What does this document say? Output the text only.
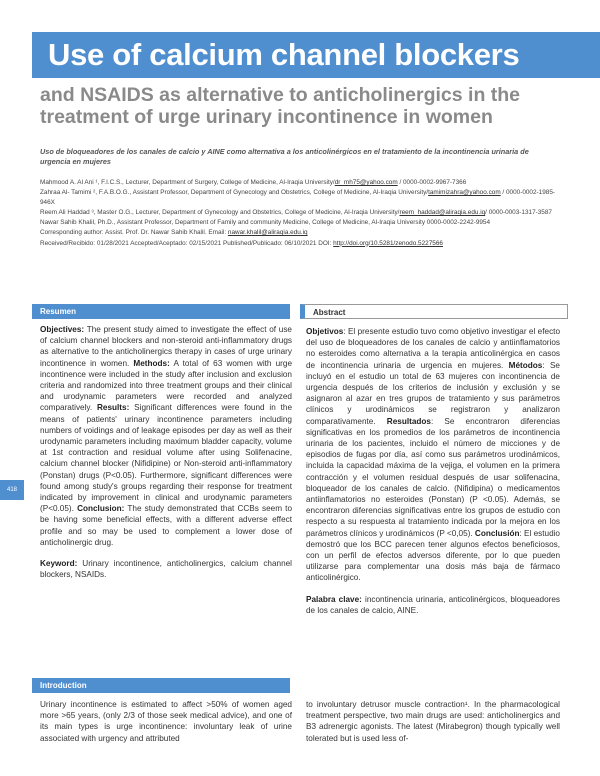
Use of calcium channel blockers
and NSAIDS as alternative to anticholinergics in the treatment of urge urinary incontinence in women
Uso de bloqueadores de los canales de calcio y AINE como alternativa a los anticolinérgicos en el tratamiento de la incontinencia urinaria de urgencia en mujeres
Mahmood A. Al Ani ¹, F.I.C.S., Lecturer, Department of Surgery, College of Medicine, Al-Iraqia University/dr_mh75@yahoo.com / 0000-0002-9967-7366
Zahraa Al- Tamimi ², F.A.B.O.G., Assistant Professor, Department of Gynecology and Obstetrics, College of Medicine, Al-Iraqia University/tamimizahra@yahoo.com / 0000-0002-1985-946X
Reem Ali Haddad ³, Master O.G., Lecturer, Department of Gynecology and Obstetrics, College of Medicine, Al-Iraqia University/reem_haddad@aliraqia.edu.iq/ 0000-0003-1317-3587
Nawar Sahib Khalil, Ph.D., Assistant Professor, Department of Family and community Medicine, College of Medicine, Al-Iraqia University 0000-0002-2242-9954
Corresponding author: Assist. Prof. Dr. Nawar Sahib Khalil. Email: nawar.khalil@aliraqia.edu.iq
Received/Recibido: 01/28/2021 Accepted/Aceptado: 02/15/2021 Published/Publicado: 06/10/2021 DOI: http://doi.org/10.5281/zenodo.5227566
Resumen	Abstract
418

Objectives: The present study aimed to investigate the effect of use of calcium channel blockers and non-steroid anti-inflammatory drugs as alternative to the anticholinergics therapy in cases of urge urinary incontinence in women. Methods: A total of 63 women with urge incontinence were included in the study after inclusion and exclusion criteria and randomized into three treatment groups and their clinical and urodynamic parameters were recorded and analyzed comparatively. Results: Significant differences were found in the means of patients' urinary incontinence parameters including numbers of voidings and of leakage episodes per day as well as their urodynamic parameters including maximum bladder capacity, volume at 1st contraction and residual volume after using Solifenacine, calcium channel blocker (Nifidipine) or Non-steroid anti-inflammatory (Ponstan) drugs (P<0.05). Furthermore, significant differences were found among study's groups regarding their response for treatment indicated by improvement in clinical and urodynamic parameters (P<0.05). Conclusion: The study demonstrated that CCBs seem to be having some beneficial effects, with a different adverse effect profile and so may be used to complement a lower dose of anticholinergic drug.

Keyword: Urinary incontinence, anticholinergics, calcium channel blockers, NSAIDs.

Objetivos: El presente estudio tuvo como objetivo investigar el efecto del uso de bloqueadores de los canales de calcio y antiinflamatorios no esteroides como alternativa a la terapia anticolinérgica en casos de incontinencia urinaria de urgencia en mujeres. Métodos: Se incluyó en el estudio un total de 63 mujeres con incontinencia de urgencia después de los criterios de inclusión y exclusión y se asignaron al azar en tres grupos de tratamiento y sus parámetros clínicos y urodinámicos se registraron y analizaron comparativamente. Resultados: Se encontraron diferencias significativas en los promedios de los parámetros de incontinencia urinaria de los pacientes, incluido el número de micciones y de episodios de fugas por día, así como sus parámetros urodinámicos, incluida la capacidad máxima de la vejiga, el volumen en la primera contracción y el volumen residual después de usar solifenacina, bloqueador de los canales de calcio. (Nifidipina) o medicamentos antiinflamatorios no esteroides (Ponstan) (P <0.05). Además, se encontraron diferencias significativas entre los grupos de estudio con respecto a su respuesta al tratamiento indicada por la mejora en los parámetros clínicos y urodinámicos (P <0,05). Conclusión: El estudio demostró que los BCC parecen tener algunos efectos beneficiosos, con un perfil de efectos adversos diferente, por lo que pueden utilizarse para complementar una dosis más baja de fármaco anticolinérgico.

Palabra clave: incontinencia urinaria, anticolinérgicos, bloqueadores de los canales de calcio, AINE.

Introduction
Urinary incontinence is estimated to affect >50% of women aged more >65 years, (only 2/3 of those seek medical advice), and one of its main types is urge incontinence: involuntary leak of urine associated with urgency and attributed
to involuntary detrusor muscle contraction¹. In the pharmacological treatment perspective, two main drugs are used: anticholinergics and B3 adrenergic agonists. The latest (Mirabegron) though typically well tolerated but is used less of-
